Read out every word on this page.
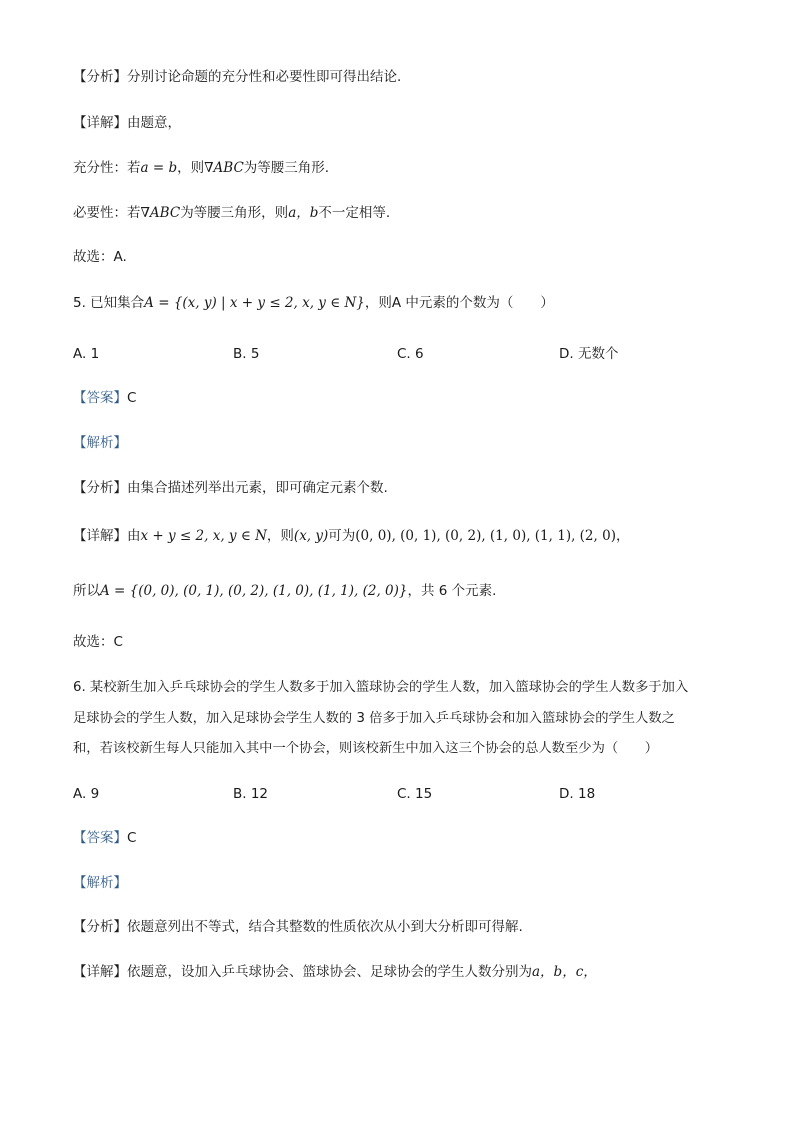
【分析】分别讨论命题的充分性和必要性即可得出结论.
【详解】由题意，
充分性：若a = b，则∇ABC为等腰三角形.
必要性：若∇ABC为等腰三角形，则a，b不一定相等.
故选：A.
5. 已知集合A = {(x, y) | x + y ≤ 2, x, y ∈ N}，则A 中元素的个数为（　　）
A. 1	B. 5	C. 6	D. 无数个
【答案】C
【解析】
【分析】由集合描述列举出元素，即可确定元素个数.
【详解】由x + y ≤ 2, x, y ∈ N，则(x, y)可为(0, 0), (0, 1), (0, 2), (1, 0), (1, 1), (2, 0)，
所以A = {(0, 0), (0, 1), (0, 2), (1, 0), (1, 1), (2, 0)}，共 6 个元素.
故选：C
6. 某校新生加入乒乓球协会的学生人数多于加入篮球协会的学生人数，加入篮球协会的学生人数多于加入
足球协会的学生人数，加入足球协会学生人数的 3 倍多于加入乒乓球协会和加入篮球协会的学生人数之
和，若该校新生每人只能加入其中一个协会，则该校新生中加入这三个协会的总人数至少为（　　）
A. 9	B. 12	C. 15	D. 18
【答案】C
【解析】
【分析】依题意列出不等式，结合其整数的性质依次从小到大分析即可得解.
【详解】依题意，设加入乒乓球协会、篮球协会、足球协会的学生人数分别为a，b，c，
